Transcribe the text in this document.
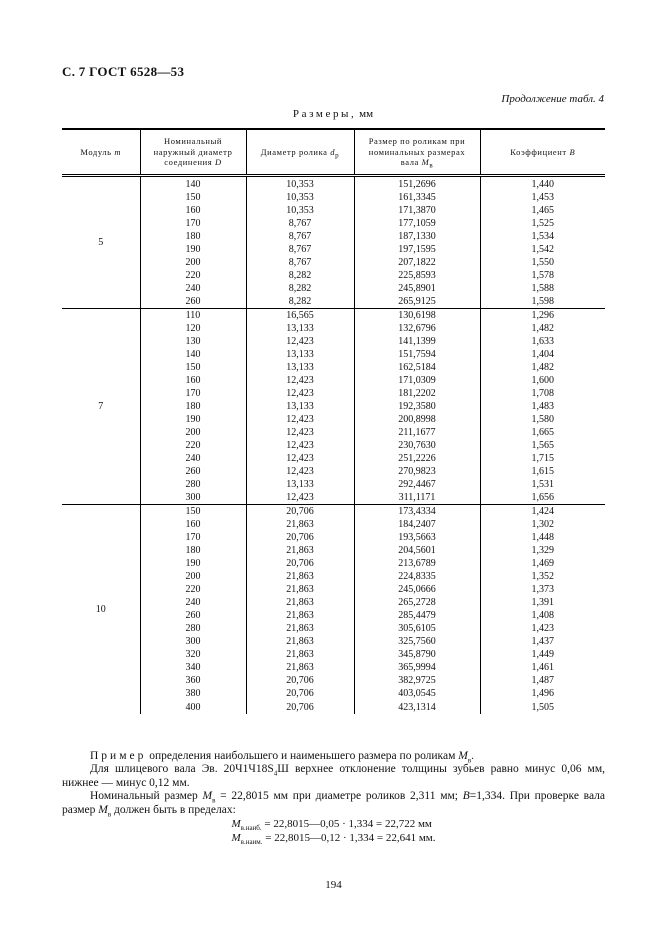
С. 7 ГОСТ 6528—53
Продолжение табл. 4
Размеры, мм
Модуль m	Номинальный наружный диаметр соединения D	Диаметр ролика $d_р$	Размер по роликам при номинальных размерах вала $М_в$	Коэффициент В
5	140	10,353	151,2696	1,440
	150	10,353	161,3345	1,453
	160	10,353	171,3870	1,465
	170	8,767	177,1059	1,525
	180	8,767	187,1330	1,534
	190	8,767	197,1595	1,542
	200	8,767	207,1822	1,550
	220	8,282	225,8593	1,578
	240	8,282	245,8901	1,588
	260	8,282	265,9125	1,598
7	110	16,565	130,6198	1,296
	120	13,133	132,6796	1,482
	130	12,423	141,1399	1,633
	140	13,133	151,7594	1,404
	150	13,133	162,5184	1,482
	160	12,423	171,0309	1,600
	170	12,423	181,2202	1,708
	180	13,133	192,3580	1,483
	190	12,423	200,8998	1,580
	200	12,423	211,1677	1,665
	220	12,423	230,7630	1,565
	240	12,423	251,2226	1,715
	260	12,423	270,9823	1,615
	280	13,133	292,4467	1,531
	300	12,423	311,1171	1,656
10	150	20,706	173,4334	1,424
	160	21,863	184,2407	1,302
	170	20,706	193,5663	1,448
	180	21,863	204,5601	1,329
	190	20,706	213,6789	1,469
	200	21,863	224,8335	1,352
	220	21,863	245,0666	1,373
	240	21,863	265,2728	1,391
	260	21,863	285,4479	1,408
	280	21,863	305,6105	1,423
	300	21,863	325,7560	1,437
	320	21,863	345,8790	1,449
	340	21,863	365,9994	1,461
	360	20,706	382,9725	1,487
	380	20,706	403,0545	1,496
	400	20,706	423,1314	1,505

Пример определения наибольшего и наименьшего размера по роликам $М_в$.

Для шлицевого вала Эв. $20Ч1Ч18S_4Ш$ верхнее отклонение толщины зубьев равно минус 0,06 мм, нижнее — минус 0,12 мм.

Номинальный размер $М_в = 22,8015$ мм при диаметре роликов 2,311 мм; В=1,334. При проверке вала размер $М_в$ должен быть в пределах:

$М_{в.наиб.}$ = 22,8015—0,05 · 1,334 = 22,722 мм
$М_{в.наим.}$ = 22,8015—0,12 · 1,334 = 22,641 мм.
194
